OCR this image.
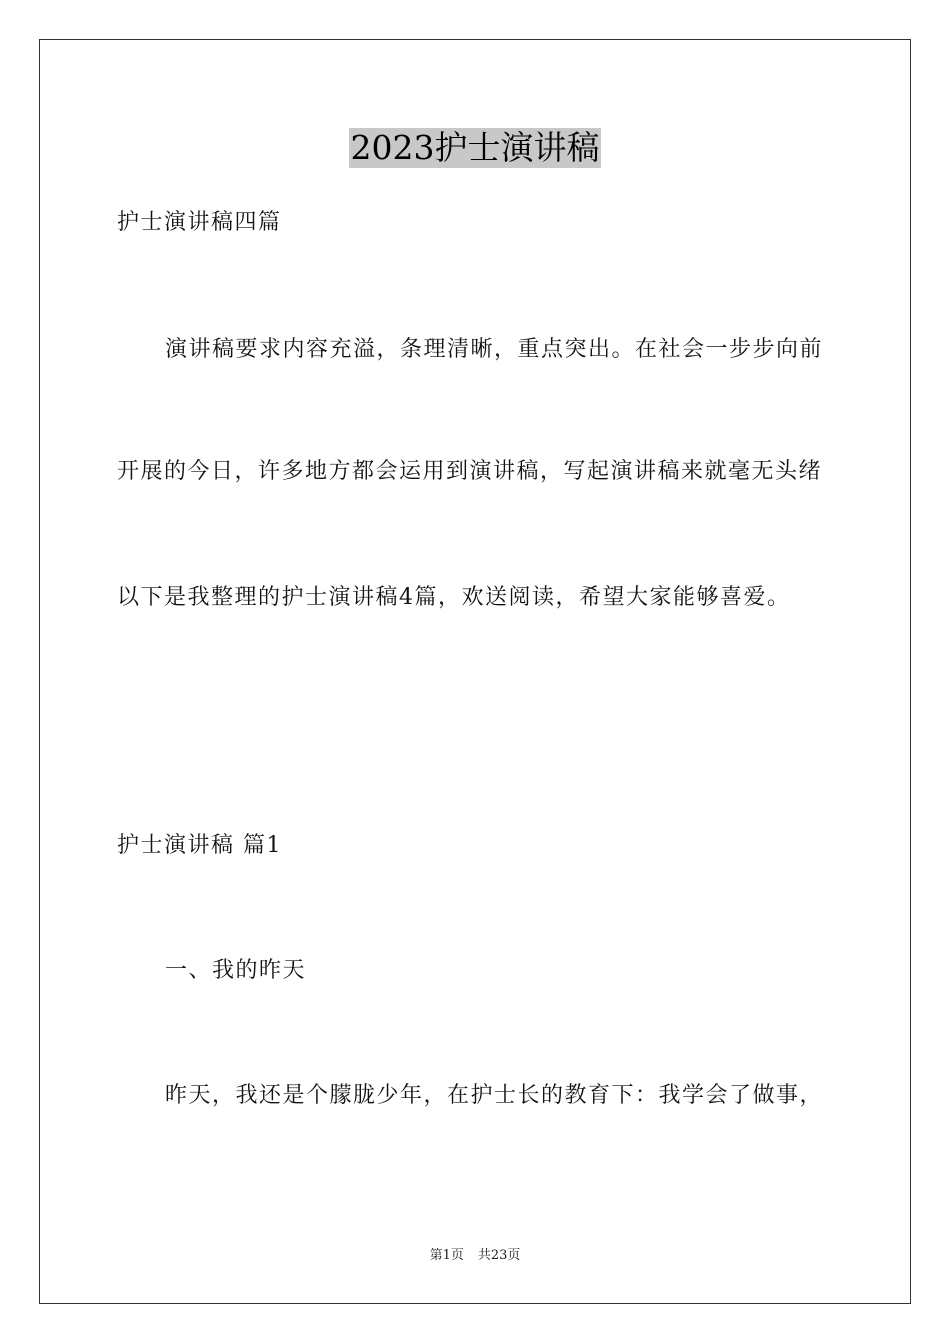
2023护士演讲稿
护士演讲稿四篇
演讲稿要求内容充溢，条理清晰，重点突出。在社会一步步向前
开展的今日，许多地方都会运用到演讲稿，写起演讲稿来就毫无头绪
以下是我整理的护士演讲稿4篇，欢送阅读，希望大家能够喜爱。
护士演讲稿 篇1
一、我的昨天
昨天，我还是个朦胧少年，在护士长的教育下：我学会了做事，
第1页 共23页
